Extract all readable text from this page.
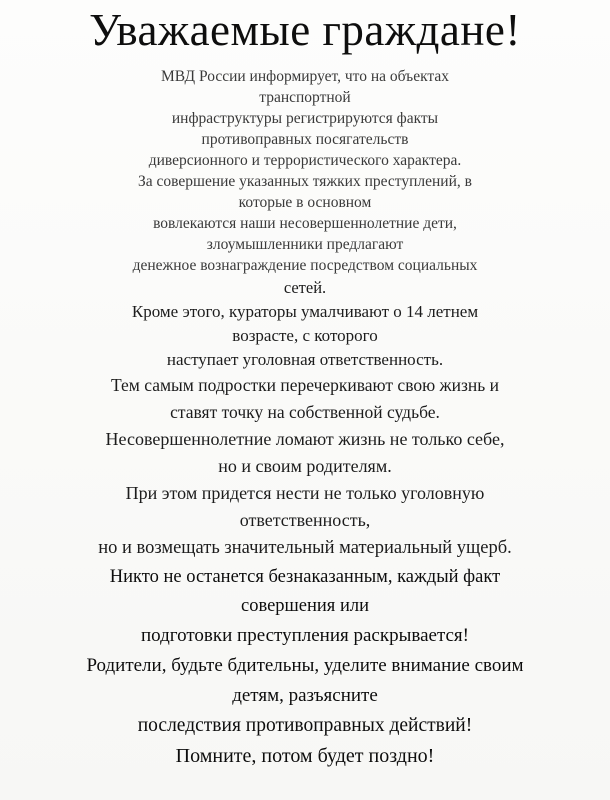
Уважаемые граждане!
МВД России информирует, что на объектах
транспортной
инфраструктуры регистрируются факты
противоправных посягательств
диверсионного и террористического характера.
За совершение указанных тяжких преступлений, в
которые в основном
вовлекаются наши несовершеннолетние дети,
злоумышленники предлагают
денежное вознаграждение посредством социальных
сетей.
Кроме этого, кураторы умалчивают о 14 летнем
возрасте, с которого
наступает уголовная ответственность.
Тем самым подростки перечеркивают свою жизнь и
ставят точку на собственной судьбе.
Несовершеннолетние ломают жизнь не только себе,
но и своим родителям.
При этом придется нести не только уголовную
ответственность,
но и возмещать значительный материальный ущерб.
Никто не останется безнаказанным, каждый факт
совершения или
подготовки преступления раскрывается!
Родители, будьте бдительны, уделите внимание своим
детям, разъясните
последствия противоправных действий!
Помните, потом будет поздно!
